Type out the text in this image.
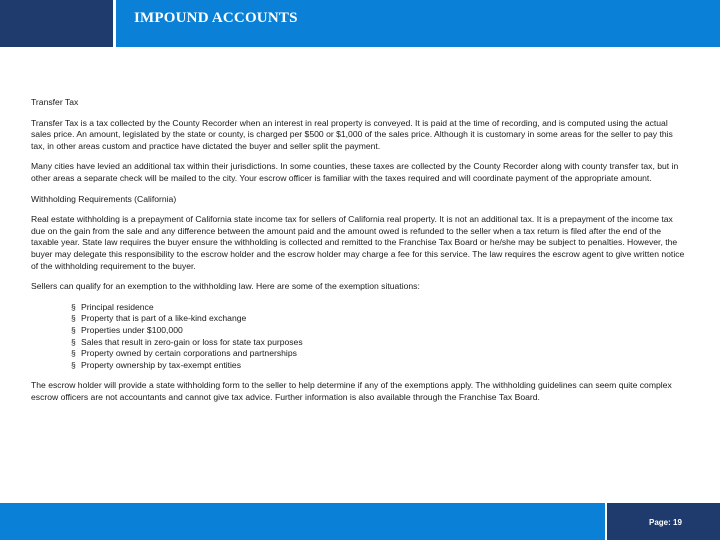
IMPOUND ACCOUNTS

Transfer Tax

Transfer Tax is a tax collected by the County Recorder when an interest in real property is conveyed. It is paid at the time of recording, and is computed using the actual sales price. An amount, legislated by the state or county, is charged per $500 or $1,000 of the sales price. Although it is customary in some areas for the seller to pay this tax, in other areas custom and practice have dictated the buyer and seller split the payment.

Many cities have levied an additional tax within their jurisdictions. In some counties, these taxes are collected by the County Recorder along with county transfer tax, but in other areas a separate check will be mailed to the city. Your escrow officer is familiar with the taxes required and will coordinate payment of the appropriate amount.

Withholding Requirements (California)

Real estate withholding is a prepayment of California state income tax for sellers of California real property. It is not an additional tax. It is a prepayment of the income tax due on the gain from the sale and any difference between the amount paid and the amount owed is refunded to the seller when a tax return is filed after the end of the taxable year. State law requires the buyer ensure the withholding is collected and remitted to the Franchise Tax Board or he/she may be subject to penalties. However, the buyer may delegate this responsibility to the escrow holder and the escrow holder may charge a fee for this service. The law requires the escrow agent to give written notice of the withholding requirement to the buyer.

Sellers can qualify for an exemption to the withholding law. Here are some of the exemption situations:

§ Principal residence
§ Property that is part of a like-kind exchange
§ Properties under $100,000
§ Sales that result in zero-gain or loss for state tax purposes
§ Property owned by certain corporations and partnerships
§ Property ownership by tax-exempt entities

The escrow holder will provide a state withholding form to the seller to help determine if any of the exemptions apply. The withholding guidelines can seem quite complex escrow officers are not accountants and cannot give tax advice. Further information is also available through the Franchise Tax Board.

Page: 19
